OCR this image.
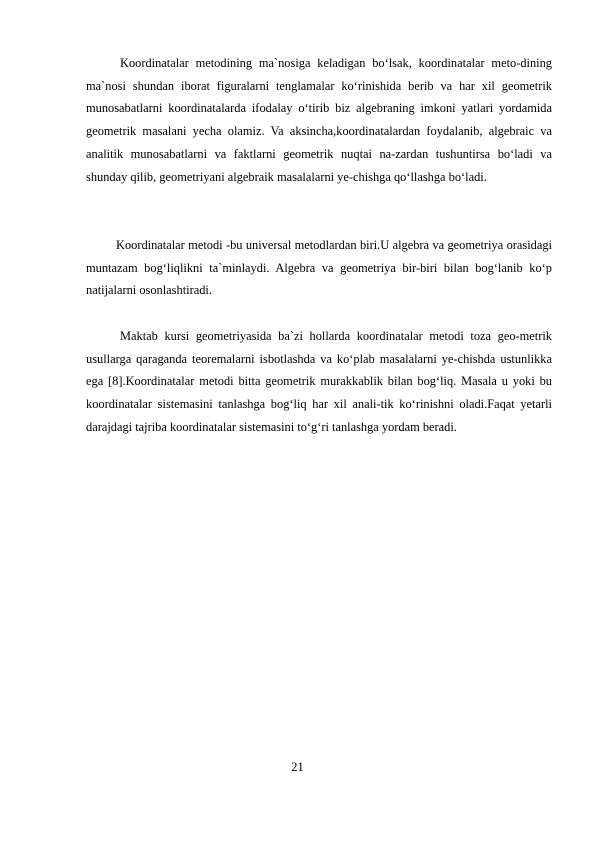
Koordinatalar metodining ma`nosiga keladigan bo‘lsak, koordinatalar meto-dining ma`nosi shundan iborat figuralarni tenglamalar ko‘rinishida berib va har xil geometrik munosabatlarni koordinatalarda ifodalay o‘tirib biz algebraning imkoni yatlari yordamida geometrik masalani yecha olamiz. Va aksincha,koordinatalardan foydalanib, algebraic va analitik munosabatlarni va faktlarni geometrik nuqtai na-zardan tushuntirsa bo‘ladi va shunday qilib, geometriyani algebraik masalalarni ye-chishga qo‘llashga bo‘ladi.

Koordinatalar metodi -bu universal metodlardan biri.U algebra va geometriya orasidagi muntazam bog‘liqlikni ta`minlaydi. Algebra va geometriya bir-biri bilan bog‘lanib ko‘p natijalarni osonlashtiradi.

Maktab kursi geometriyasida ba`zi hollarda koordinatalar metodi toza geo-metrik usullarga qaraganda teoremalarni isbotlashda va ko‘plab masalalarni ye-chishda ustunlikka ega [8].Koordinatalar metodi bitta geometrik murakkablik bilan bog‘liq. Masala u yoki bu koordinatalar sistemasini tanlashga bog‘liq har xil anali-tik ko‘rinishni oladi.Faqat yetarli darajdagi tajriba koordinatalar sistemasini to‘g‘ri tanlashga yordam beradi.

21
